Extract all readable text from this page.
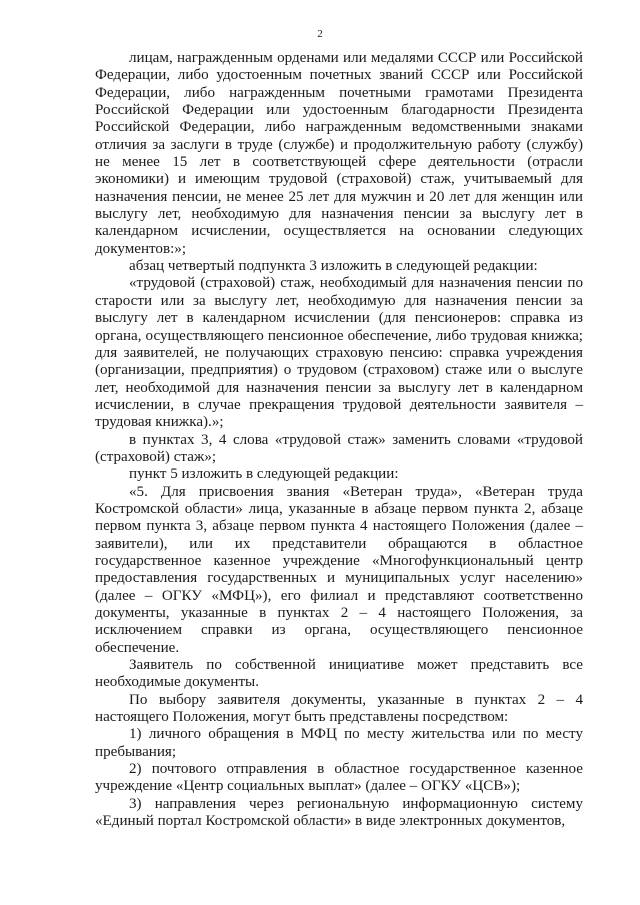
2

лицам, награжденным орденами или медалями СССР или Российской Федерации, либо удостоенным почетных званий СССР или Российской Федерации, либо награжденным почетными грамотами Президента Российской Федерации или удостоенным благодарности Президента Российской Федерации, либо награжденным ведомственными знаками отличия за заслуги в труде (службе) и продолжительную работу (службу) не менее 15 лет в соответствующей сфере деятельности (отрасли экономики) и имеющим трудовой (страховой) стаж, учитываемый для назначения пенсии, не менее 25 лет для мужчин и 20 лет для женщин или выслугу лет, необходимую для назначения пенсии за выслугу лет в календарном исчислении, осуществляется на основании следующих документов:»;

абзац четвертый подпункта 3 изложить в следующей редакции:

«трудовой (страховой) стаж, необходимый для назначения пенсии по старости или за выслугу лет, необходимую для назначения пенсии за выслугу лет в календарном исчислении (для пенсионеров: справка из органа, осуществляющего пенсионное обеспечение, либо трудовая книжка; для заявителей, не получающих страховую пенсию: справка учреждения (организации, предприятия) о трудовом (страховом) стаже или о выслуге лет, необходимой для назначения пенсии за выслугу лет в календарном исчислении, в случае прекращения трудовой деятельности заявителя – трудовая книжка).»;

в пунктах 3, 4 слова «трудовой стаж» заменить словами «трудовой (страховой) стаж»;

пункт 5 изложить в следующей редакции:

«5. Для присвоения звания «Ветеран труда», «Ветеран труда Костромской области» лица, указанные в абзаце первом пункта 2, абзаце первом пункта 3, абзаце первом пункта 4 настоящего Положения (далее – заявители), или их представители обращаются в областное государственное казенное учреждение «Многофункциональный центр предоставления государственных и муниципальных услуг населению» (далее – ОГКУ «МФЦ»), его филиал и представляют соответственно документы, указанные в пунктах 2 – 4 настоящего Положения, за исключением справки из органа, осуществляющего пенсионное обеспечение.

Заявитель по собственной инициативе может представить все необходимые документы.

По выбору заявителя документы, указанные в пунктах 2 – 4 настоящего Положения, могут быть представлены посредством:

1) личного обращения в МФЦ по месту жительства или по месту пребывания;

2) почтового отправления в областное государственное казенное учреждение «Центр социальных выплат» (далее – ОГКУ «ЦСВ»);

3) направления через региональную информационную систему «Единый портал Костромской области» в виде электронных документов,
